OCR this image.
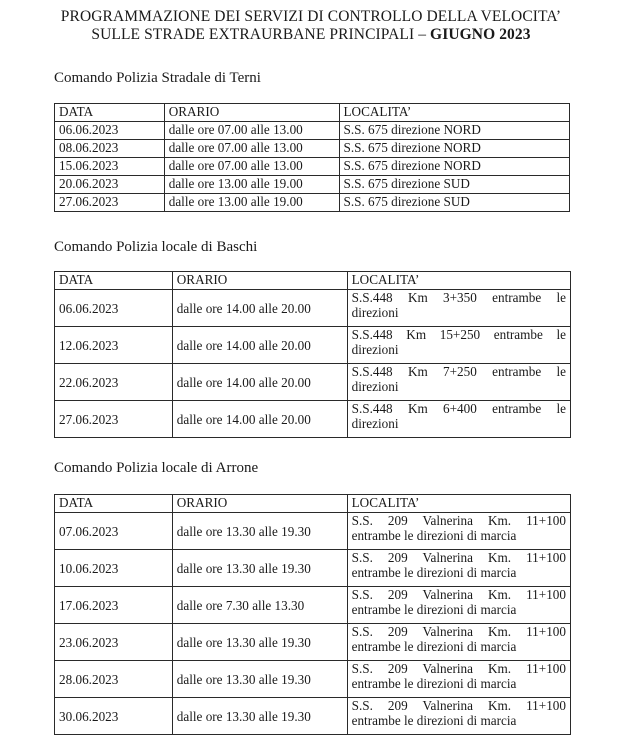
PROGRAMMAZIONE DEI SERVIZI DI CONTROLLO DELLA VELOCITA’
SULLE STRADE EXTRAURBANE PRINCIPALI – GIUGNO 2023
Comando Polizia Stradale di Terni
DATA	ORARIO	LOCALITA’
06.06.2023	dalle ore 07.00 alle 13.00	S.S. 675 direzione NORD
08.06.2023	dalle ore 07.00 alle 13.00	S.S. 675 direzione NORD
15.06.2023	dalle ore 07.00 alle 13.00	S.S. 675 direzione NORD
20.06.2023	dalle ore 13.00 alle 19.00	S.S. 675 direzione SUD
27.06.2023	dalle ore 13.00 alle 19.00	S.S. 675 direzione SUD
Comando Polizia locale di Baschi
DATA	ORARIO	LOCALITA’
06.06.2023	dalle ore 14.00 alle 20.00	S.S.448 Km 3+350 entrambe le
direzioni
12.06.2023	dalle ore 14.00 alle 20.00	S.S.448 Km 15+250 entrambe le
direzioni
22.06.2023	dalle ore 14.00 alle 20.00	S.S.448 Km 7+250 entrambe le
direzioni
27.06.2023	dalle ore 14.00 alle 20.00	S.S.448 Km 6+400 entrambe le
direzioni
Comando Polizia locale di Arrone
DATA	ORARIO	LOCALITA’
07.06.2023	dalle ore 13.30 alle 19.30	S.S. 209 Valnerina Km. 11+100
entrambe le direzioni di marcia
10.06.2023	dalle ore 13.30 alle 19.30	S.S. 209 Valnerina Km. 11+100
entrambe le direzioni di marcia
17.06.2023	dalle ore 7.30 alle 13.30	S.S. 209 Valnerina Km. 11+100
entrambe le direzioni di marcia
23.06.2023	dalle ore 13.30 alle 19.30	S.S. 209 Valnerina Km. 11+100
entrambe le direzioni di marcia
28.06.2023	dalle ore 13.30 alle 19.30	S.S. 209 Valnerina Km. 11+100
entrambe le direzioni di marcia
30.06.2023	dalle ore 13.30 alle 19.30	S.S. 209 Valnerina Km. 11+100
entrambe le direzioni di marcia
